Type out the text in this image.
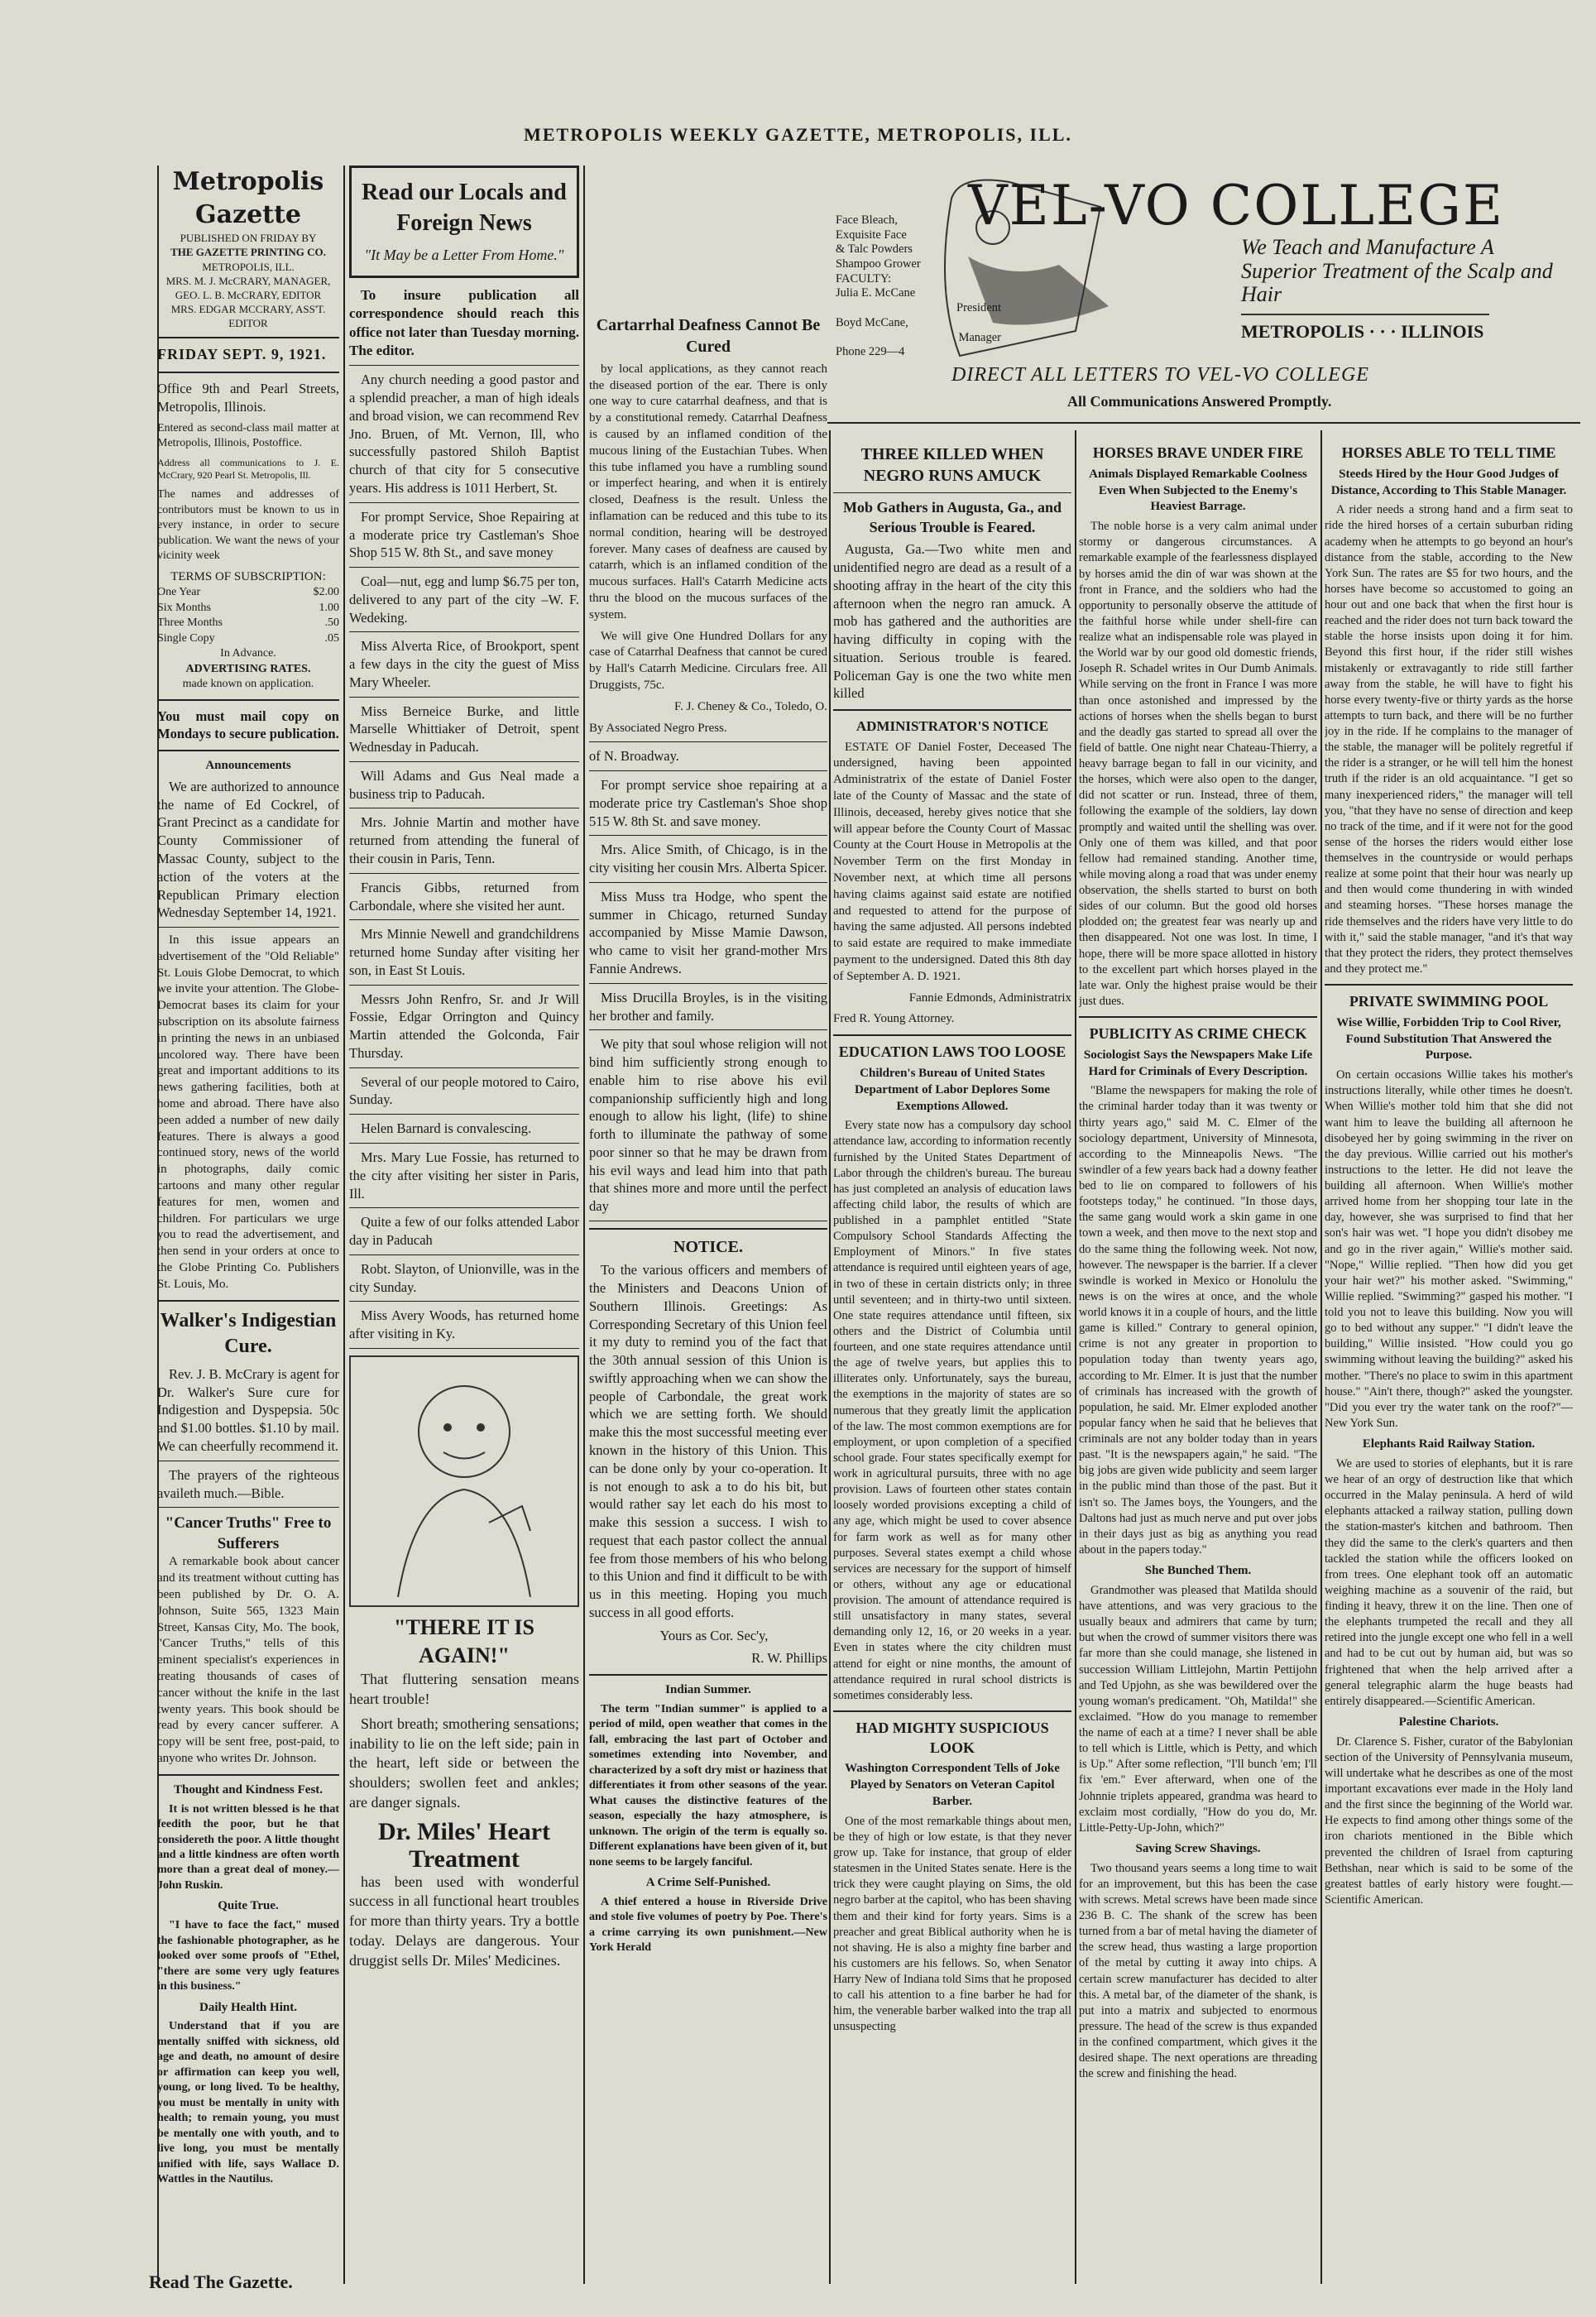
METROPOLIS WEEKLY GAZETTE, METROPOLIS, ILL.
Metropolis Gazette
PUBLISHED ON FRIDAY BY
THE GAZETTE PRINTING CO.
METROPOLIS, ILL.
MRS. M. J. McCRARY, MANAGER,
GEO. L. B. McCRARY, EDITOR
MRS. EDGAR MCCRARY, ASS'T. EDITOR
FRIDAY SEPT. 9, 1921.

Office 9th and Pearl Streets, Metropolis, Illinois.

Entered as second-class mail matter at Metropolis, Illinois, Postoffice.

Address all communications to J. E. McCrary, 920 Pearl St. Metropolis, Ill.

The names and addresses of contributors must be known to us in every instance, in order to secure publication. We want the news of your vicinity week

TERMS OF SUBSCRIPTION:
One Year	$2.00
Six Months	1.00
Three Months	.50
Single Copy	.05
In Advance.
ADVERTISING RATES.
made known on application.

You must mail copy on Mondays to secure publication.

Announcements

We are authorized to announce the name of Ed Cockrel, of Grant Precinct as a candidate for County Commissioner of Massac County, subject to the action of the voters at the Republican Primary election Wednesday September 14, 1921.

In this issue appears an advertisement of the "Old Reliable" St. Louis Globe Democrat, to which we invite your attention. The Globe-Democrat bases its claim for your subscription on its absolute fairness in printing the news in an unbiased uncolored way. There have been great and important additions to its news gathering facilities, both at home and abroad. There have also been added a number of new daily features. There is always a good continued story, news of the world in photographs, daily comic cartoons and many other regular features for men, women and children. For particulars we urge you to read the advertisement, and then send in your orders at once to the Globe Printing Co. Publishers St. Louis, Mo.

Walker's Indigestian Cure.

Rev. J. B. McCrary is agent for Dr. Walker's Sure cure for Indigestion and Dyspepsia. 50c and $1.00 bottles. $1.10 by mail. We can cheerfully recommend it.

The prayers of the righteous availeth much.—Bible.

"Cancer Truths" Free to Sufferers

A remarkable book about cancer and its treatment without cutting has been published by Dr. O. A. Johnson, Suite 565, 1323 Main Street, Kansas City, Mo. The book, "Cancer Truths," tells of this eminent specialist's experiences in treating thousands of cases of cancer without the knife in the last twenty years. This book should be read by every cancer sufferer. A copy will be sent free, post-paid, to anyone who writes Dr. Johnson.

Thought and Kindness Fest.

It is not written blessed is he that feedith the poor, but he that considereth the poor. A little thought and a little kindness are often worth more than a great deal of money.—John Ruskin.

Quite True.

"I have to face the fact," mused the fashionable photographer, as he looked over some proofs of "Ethel, "there are some very ugly features in this business."

Daily Health Hint.

Understand that if you are mentally sniffed with sickness, old age and death, no amount of desire or affirmation can keep you well, young, or long lived. To be healthy, you must be mentally in unity with health; to remain young, you must be mentally one with youth, and to live long, you must be mentally unified with life, says Wallace D. Wattles in the Nautilus.

Read our Locals and Foreign News
"It May be a Letter From Home."

To insure publication all correspondence should reach this office not later than Tuesday morning. The editor.

Any church needing a good pastor and a splendid preacher, a man of high ideals and broad vision, we can recommend Rev Jno. Bruen, of Mt. Vernon, Ill, who successfully pastored Shiloh Baptist church of that city for 5 consecutive years. His address is 1011 Herbert, St.

For prompt Service, Shoe Repairing at a moderate price try Castleman's Shoe Shop 515 W. 8th St., and save money

Coal—nut, egg and lump $6.75 per ton, delivered to any part of the city –W. F. Wedeking.

Miss Alverta Rice, of Brookport, spent a few days in the city the guest of Miss Mary Wheeler.

Miss Berneice Burke, and little Marselle Whittiaker of Detroit, spent Wednesday in Paducah.

Will Adams and Gus Neal made a business trip to Paducah.

Mrs. Johnie Martin and mother have returned from attending the funeral of their cousin in Paris, Tenn.

Francis Gibbs, returned from Carbondale, where she visited her aunt.

Mrs Minnie Newell and grandchildrens returned home Sunday after visiting her son, in East St Louis.

Messrs John Renfro, Sr. and Jr Will Fossie, Edgar Orrington and Quincy Martin attended the Golconda, Fair Thursday.

Several of our people motored to Cairo, Sunday.

Helen Barnard is convalescing.

Mrs. Mary Lue Fossie, has returned to the city after visiting her sister in Paris, Ill.

Quite a few of our folks attended Labor day in Paducah

Robt. Slayton, of Unionville, was in the city Sunday.

Miss Avery Woods, has returned home after visiting in Ky.

"THERE IT IS AGAIN!"

That fluttering sensation means heart trouble!

Short breath; smothering sensations; inability to lie on the left side; pain in the heart, left side or between the shoulders; swollen feet and ankles; are danger signals.

Dr. Miles' Heart Treatment

has been used with wonderful success in all functional heart troubles for more than thirty years. Try a bottle today. Delays are dangerous. Your druggist sells Dr. Miles' Medicines.

Cartarrhal Deafness Cannot Be Cured

by local applications, as they cannot reach the diseased portion of the ear. There is only one way to cure catarrhal deafness, and that is by a constitutional remedy. Catarrhal Deafness is caused by an inflamed condition of the mucous lining of the Eustachian Tubes. When this tube inflamed you have a rumbling sound or imperfect hearing, and when it is entirely closed, Deafness is the result. Unless the inflamation can be reduced and this tube to its normal condition, hearing will be destroyed forever. Many cases of deafness are caused by catarrh, which is an inflamed condition of the mucous surfaces. Hall's Catarrh Medicine acts thru the blood on the mucous surfaces of the system.

We will give One Hundred Dollars for any case of Catarrhal Deafness that cannot be cured by Hall's Catarrh Medicine. Circulars free. All Druggists, 75c.

F. J. Cheney & Co., Toledo, O.

By Associated Negro Press.

of N. Broadway.

For prompt service shoe repairing at a moderate price try Castleman's Shoe shop 515 W. 8th St. and save money.

Mrs. Alice Smith, of Chicago, is in the city visiting her cousin Mrs. Alberta Spicer.

Miss Muss tra Hodge, who spent the summer in Chicago, returned Sunday accompanied by Misse Mamie Dawson, who came to visit her grand-mother Mrs Fannie Andrews.

Miss Drucilla Broyles, is in the visiting her brother and family.

We pity that soul whose religion will not bind him sufficiently strong enough to enable him to rise above his evil companionship sufficiently high and long enough to allow his light, (life) to shine forth to illuminate the pathway of some poor sinner so that he may be drawn from his evil ways and lead him into that path that shines more and more until the perfect day

NOTICE.

To the various officers and members of the Ministers and Deacons Union of Southern Illinois. Greetings: As Corresponding Secretary of this Union feel it my duty to remind you of the fact that the 30th annual session of this Union is swiftly approaching when we can show the people of Carbondale, the great work which we are setting forth. We should make this the most successful meeting ever known in the history of this Union. This can be done only by your co-operation. It is not enough to ask a to do his bit, but would rather say let each do his most to make this session a success. I wish to request that each pastor collect the annual fee from those members of his who belong to this Union and find it difficult to be with us in this meeting. Hoping you much success in all good efforts.

Yours as Cor. Sec'y,

R. W. Phillips

Indian Summer.

The term "Indian summer" is applied to a period of mild, open weather that comes in the fall, embracing the last part of October and sometimes extending into November, and characterized by a soft dry mist or haziness that differentiates it from other seasons of the year. What causes the distinctive features of the season, especially the hazy atmosphere, is unknown. The origin of the term is equally so. Different explanations have been given of it, but none seems to be largely fanciful.

A Crime Self-Punished.

A thief entered a house in Riverside Drive and stole five volumes of poetry by Poe. There's a crime carrying its own punishment.—New York Herald

Face Bleach,
Exquisite Face
& Talc Powders
Shampoo Grower
FACULTY:
Julia E. McCane
President
Boyd McCane,
Manager
Phone 229—4
VEL-VO COLLEGE
We Teach and Manufacture A Superior Treatment of the Scalp and Hair
METROPOLIS · · · ILLINOIS
DIRECT ALL LETTERS TO VEL-VO COLLEGE
All Communications Answered Promptly.
THREE KILLED WHEN NEGRO RUNS AMUCK
Mob Gathers in Augusta, Ga., and Serious Trouble is Feared.

Augusta, Ga.—Two white men and unidentified negro are dead as a result of a shooting affray in the heart of the city this afternoon when the negro ran amuck. A mob has gathered and the authorities are having difficulty in coping with the situation. Serious trouble is feared. Policeman Gay is one the two white men killed

ADMINISTRATOR'S NOTICE

ESTATE OF Daniel Foster, Deceased The undersigned, having been appointed Administratrix of the estate of Daniel Foster late of the County of Massac and the state of Illinois, deceased, hereby gives notice that she will appear before the County Court of Massac County at the Court House in Metropolis at the November Term on the first Monday in November next, at which time all persons having claims against said estate are notified and requested to attend for the purpose of having the same adjusted. All persons indebted to said estate are required to make immediate payment to the undersigned. Dated this 8th day of September A. D. 1921.

Fannie Edmonds, Administratrix

Fred R. Young Attorney.

EDUCATION LAWS TOO LOOSE
Children's Bureau of United States Department of Labor Deplores Some Exemptions Allowed.

Every state now has a compulsory day school attendance law, according to information recently furnished by the United States Department of Labor through the children's bureau. The bureau has just completed an analysis of education laws affecting child labor, the results of which are published in a pamphlet entitled "State Compulsory School Standards Affecting the Employment of Minors." In five states attendance is required until eighteen years of age, in two of these in certain districts only; in three until seventeen; and in thirty-two until sixteen. One state requires attendance until fifteen, six others and the District of Columbia until fourteen, and one state requires attendance until the age of twelve years, but applies this to illiterates only. Unfortunately, says the bureau, the exemptions in the majority of states are so numerous that they greatly limit the application of the law. The most common exemptions are for employment, or upon completion of a specified school grade. Four states specifically exempt for work in agricultural pursuits, three with no age provision. Laws of fourteen other states contain loosely worded provisions excepting a child of any age, which might be used to cover absence for farm work as well as for many other purposes. Several states exempt a child whose services are necessary for the support of himself or others, without any age or educational provision. The amount of attendance required is still unsatisfactory in many states, several demanding only 12, 16, or 20 weeks in a year. Even in states where the city children must attend for eight or nine months, the amount of attendance required in rural school districts is sometimes considerably less.

HAD MIGHTY SUSPICIOUS LOOK
Washington Correspondent Tells of Joke Played by Senators on Veteran Capitol Barber.

One of the most remarkable things about men, be they of high or low estate, is that they never grow up. Take for instance, that group of elder statesmen in the United States senate. Here is the trick they were caught playing on Sims, the old negro barber at the capitol, who has been shaving them and their kind for forty years. Sims is a preacher and great Biblical authority when he is not shaving. He is also a mighty fine barber and his customers are his fellows. So, when Senator Harry New of Indiana told Sims that he proposed to call his attention to a fine barber he had for him, the venerable barber walked into the trap all unsuspecting

HORSES BRAVE UNDER FIRE
Animals Displayed Remarkable Coolness Even When Subjected to the Enemy's Heaviest Barrage.

The noble horse is a very calm animal under stormy or dangerous circumstances. A remarkable example of the fearlessness displayed by horses amid the din of war was shown at the front in France, and the soldiers who had the opportunity to personally observe the attitude of the faithful horse while under shell-fire can realize what an indispensable role was played in the World war by our good old domestic friends, Joseph R. Schadel writes in Our Dumb Animals. While serving on the front in France I was more than once astonished and impressed by the actions of horses when the shells began to burst and the deadly gas started to spread all over the field of battle. One night near Chateau-Thierry, a heavy barrage began to fall in our vicinity, and the horses, which were also open to the danger, did not scatter or run. Instead, three of them, following the example of the soldiers, lay down promptly and waited until the shelling was over. Only one of them was killed, and that poor fellow had remained standing. Another time, while moving along a road that was under enemy observation, the shells started to burst on both sides of our column. But the good old horses plodded on; the greatest fear was nearly up and then disappeared. Not one was lost. In time, I hope, there will be more space allotted in history to the excellent part which horses played in the late war. Only the highest praise would be their just dues.

PUBLICITY AS CRIME CHECK
Sociologist Says the Newspapers Make Life Hard for Criminals of Every Description.

"Blame the newspapers for making the role of the criminal harder today than it was twenty or thirty years ago," said M. C. Elmer of the sociology department, University of Minnesota, according to the Minneapolis News. "The swindler of a few years back had a downy feather bed to lie on compared to followers of his footsteps today," he continued. "In those days, the same gang would work a skin game in one town a week, and then move to the next stop and do the same thing the following week. Not now, however. The newspaper is the barrier. If a clever swindle is worked in Mexico or Honolulu the news is on the wires at once, and the whole world knows it in a couple of hours, and the little game is killed." Contrary to general opinion, crime is not any greater in proportion to population today than twenty years ago, according to Mr. Elmer. It is just that the number of criminals has increased with the growth of population, he said. Mr. Elmer exploded another popular fancy when he said that he believes that criminals are not any bolder today than in years past. "It is the newspapers again," he said. "The big jobs are given wide publicity and seem larger in the public mind than those of the past. But it isn't so. The James boys, the Youngers, and the Daltons had just as much nerve and put over jobs in their days just as big as anything you read about in the papers today."

She Bunched Them.

Grandmother was pleased that Matilda should have attentions, and was very gracious to the usually beaux and admirers that came by turn; but when the crowd of summer visitors there was far more than she could manage, she listened in succession William Littlejohn, Martin Pettijohn and Ted Upjohn, as she was bewildered over the young woman's predicament. "Oh, Matilda!" she exclaimed. "How do you manage to remember the name of each at a time? I never shall be able to tell which is Little, which is Petty, and which is Up." After some reflection, "I'll bunch 'em; I'll fix 'em." Ever afterward, when one of the Johnnie triplets appeared, grandma was heard to exclaim most cordially, "How do you do, Mr. Little-Petty-Up-John, which?"

Saving Screw Shavings.

Two thousand years seems a long time to wait for an improvement, but this has been the case with screws. Metal screws have been made since 236 B. C. The shank of the screw has been turned from a bar of metal having the diameter of the screw head, thus wasting a large proportion of the metal by cutting it away into chips. A certain screw manufacturer has decided to alter this. A metal bar, of the diameter of the shank, is put into a matrix and subjected to enormous pressure. The head of the screw is thus expanded in the confined compartment, which gives it the desired shape. The next operations are threading the screw and finishing the head.

HORSES ABLE TO TELL TIME
Steeds Hired by the Hour Good Judges of Distance, According to This Stable Manager.

A rider needs a strong hand and a firm seat to ride the hired horses of a certain suburban riding academy when he attempts to go beyond an hour's distance from the stable, according to the New York Sun. The rates are $5 for two hours, and the horses have become so accustomed to going an hour out and one back that when the first hour is reached and the rider does not turn back toward the stable the horse insists upon doing it for him. Beyond this first hour, if the rider still wishes mistakenly or extravagantly to ride still farther away from the stable, he will have to fight his horse every twenty-five or thirty yards as the horse attempts to turn back, and there will be no further joy in the ride. If he complains to the manager of the stable, the manager will be politely regretful if the rider is a stranger, or he will tell him the honest truth if the rider is an old acquaintance. "I get so many inexperienced riders," the manager will tell you, "that they have no sense of direction and keep no track of the time, and if it were not for the good sense of the horses the riders would either lose themselves in the countryside or would perhaps realize at some point that their hour was nearly up and then would come thundering in with winded and steaming horses. "These horses manage the ride themselves and the riders have very little to do with it," said the stable manager, "and it's that way that they protect the riders, they protect themselves and they protect me."

PRIVATE SWIMMING POOL
Wise Willie, Forbidden Trip to Cool River, Found Substitution That Answered the Purpose.

On certain occasions Willie takes his mother's instructions literally, while other times he doesn't. When Willie's mother told him that she did not want him to leave the building all afternoon he disobeyed her by going swimming in the river on the day previous. Willie carried out his mother's instructions to the letter. He did not leave the building all afternoon. When Willie's mother arrived home from her shopping tour late in the day, however, she was surprised to find that her son's hair was wet. "I hope you didn't disobey me and go in the river again," Willie's mother said. "Nope," Willie replied. "Then how did you get your hair wet?" his mother asked. "Swimming," Willie replied. "Swimming?" gasped his mother. "I told you not to leave this building. Now you will go to bed without any supper." "I didn't leave the building," Willie insisted. "How could you go swimming without leaving the building?" asked his mother. "There's no place to swim in this apartment house." "Ain't there, though?" asked the youngster. "Did you ever try the water tank on the roof?"—New York Sun.

Elephants Raid Railway Station.

We are used to stories of elephants, but it is rare we hear of an orgy of destruction like that which occurred in the Malay peninsula. A herd of wild elephants attacked a railway station, pulling down the station-master's kitchen and bathroom. Then they did the same to the clerk's quarters and then tackled the station while the officers looked on from trees. One elephant took off an automatic weighing machine as a souvenir of the raid, but finding it heavy, threw it on the line. Then one of the elephants trumpeted the recall and they all retired into the jungle except one who fell in a well and had to be cut out by human aid, but was so frightened that when the help arrived after a general telegraphic alarm the huge beasts had entirely disappeared.—Scientific American.

Palestine Chariots.

Dr. Clarence S. Fisher, curator of the Babylonian section of the University of Pennsylvania museum, will undertake what he describes as one of the most important excavations ever made in the Holy land and the first since the beginning of the World war. He expects to find among other things some of the iron chariots mentioned in the Bible which prevented the children of Israel from capturing Bethshan, near which is said to be some of the greatest battles of early history were fought.—Scientific American.

Read The Gazette.
